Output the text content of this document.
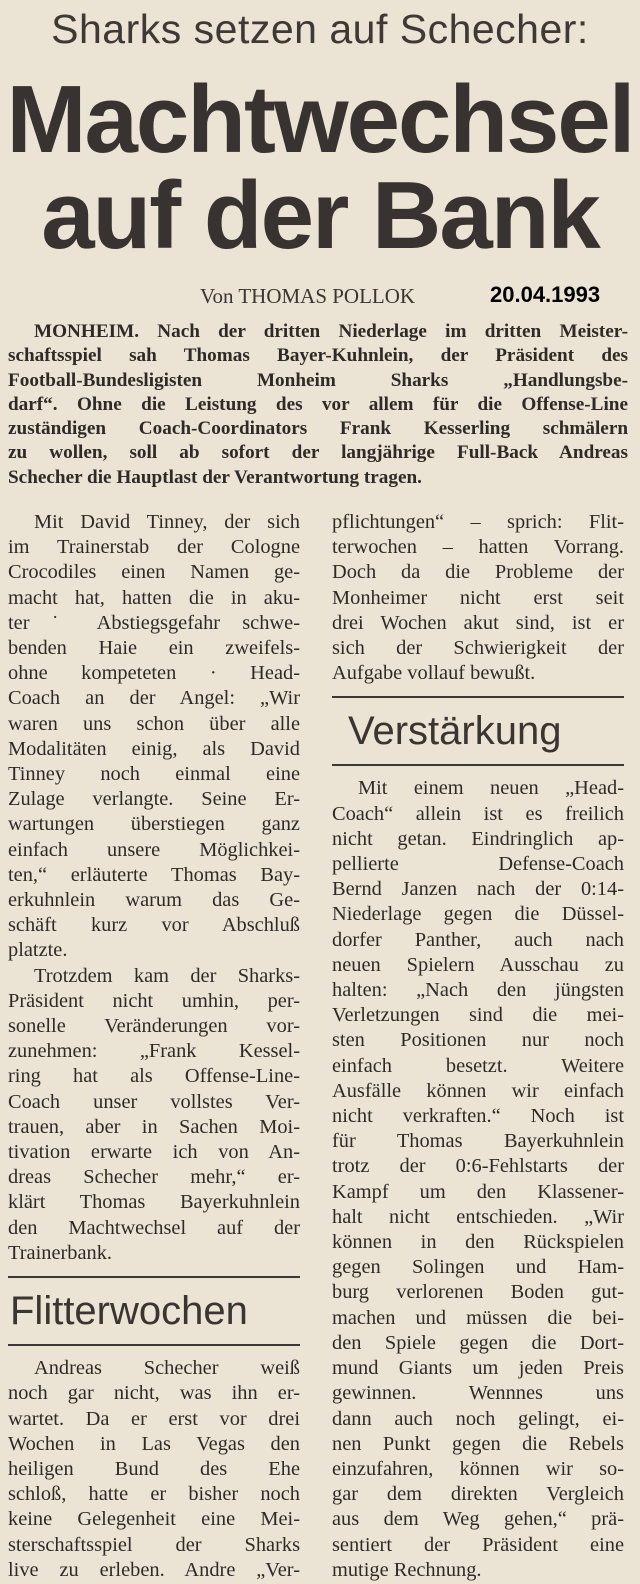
Sharks setzen auf Schecher:
Machtwechsel
auf der Bank
Von THOMAS POLLOK	20.04.1993
MONHEIM. Nach der dritten Niederlage im dritten Meister-
schaftsspiel sah Thomas Bayer-Kuhnlein, der Präsident des
Football-Bundesligisten Monheim Sharks „Handlungsbe-
darf“. Ohne die Leistung des vor allem für die Offense-Line
zuständigen Coach-Coordinators Frank Kesserling schmälern
zu wollen, soll ab sofort der langjährige Full-Back Andreas
Schecher die Hauptlast der Verantwortung tragen.
Mit David Tinney, der sich
im Trainerstab der Cologne
Crocodiles einen Namen ge-
macht hat, hatten die in aku-
ter ˙ Abstiegsgefahr schwe-
benden Haie ein zweifels-
ohne kompeteten · Head-
Coach an der Angel: „Wir
waren uns schon über alle
Modalitäten einig, als David
Tinney noch einmal eine
Zulage verlangte. Seine Er-
wartungen überstiegen ganz
einfach unsere Möglichkei-
ten,“ erläuterte Thomas Bay-
erkuhnlein warum das Ge-
schäft kurz vor Abschluß
platzte.
Trotzdem kam der Sharks-
Präsident nicht umhin, per-
sonelle Veränderungen vor-
zunehmen: „Frank Kessel-
ring hat als Offense-Line-
Coach unser vollstes Ver-
trauen, aber in Sachen Moi-
tivation erwarte ich von An-
dreas Schecher mehr,“ er-
klärt Thomas Bayerkuhnlein
den Machtwechsel auf der
Trainerbank.
Flitterwochen
Andreas Schecher weiß
noch gar nicht, was ihn er-
wartet. Da er erst vor drei
Wochen in Las Vegas den
heiligen Bund des Ehe
schloß, hatte er bisher noch
keine Gelegenheit eine Mei-
sterschaftsspiel der Sharks
live zu erleben. Andre „Ver-
pflichtungen“ – sprich: Flit-
terwochen – hatten Vorrang.
Doch da die Probleme der
Monheimer nicht erst seit
drei Wochen akut sind, ist er
sich der Schwierigkeit der
Aufgabe vollauf bewußt.
Verstärkung
Mit einem neuen „Head-
Coach“ allein ist es freilich
nicht getan. Eindringlich ap-
pellierte Defense-Coach
Bernd Janzen nach der 0:14-
Niederlage gegen die Düssel-
dorfer Panther, auch nach
neuen Spielern Ausschau zu
halten: „Nach den jüngsten
Verletzungen sind die mei-
sten Positionen nur noch
einfach besetzt. Weitere
Ausfälle können wir einfach
nicht verkraften.“ Noch ist
für Thomas Bayerkuhnlein
trotz der 0:6-Fehlstarts der
Kampf um den Klassener-
halt nicht entschieden. „Wir
können in den Rückspielen
gegen Solingen und Ham-
burg verlorenen Boden gut-
machen und müssen die bei-
den Spiele gegen die Dort-
mund Giants um jeden Preis
gewinnen. Wennnes uns
dann auch noch gelingt, ei-
nen Punkt gegen die Rebels
einzufahren, können wir so-
gar dem direkten Vergleich
aus dem Weg gehen,“ prä-
sentiert der Präsident eine
mutige Rechnung.
